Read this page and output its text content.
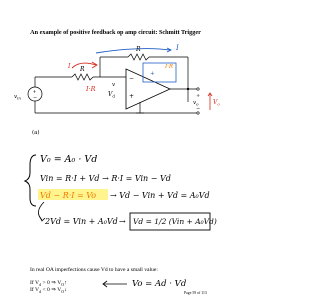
An example of positive feedback op amp circuit: Schmitt Trigger
I
R
I R
I·R
+
−
$v_{in}$
−
+
v
$V_d$
I·R
+
+
−
$v_o$ $V_o$
(a)
V₀ = A₀ · Vd
Vin = R·I + Vd → R·I = Vin − Vd
Vd − R·I = Vo → Vd − Vin + Vd = A₀Vd
2Vd = Vin + A₀Vd → Vd = 1/2 (Vin + A₀Vd)
In real OA imperfections cause Vd to have a small value:
If $V_d > 0$ ⇒ $V_O↑$
If $V_d < 0$ ⇒ $V_O↓$
Vo = Ad · Vd
Page 59 of 113
